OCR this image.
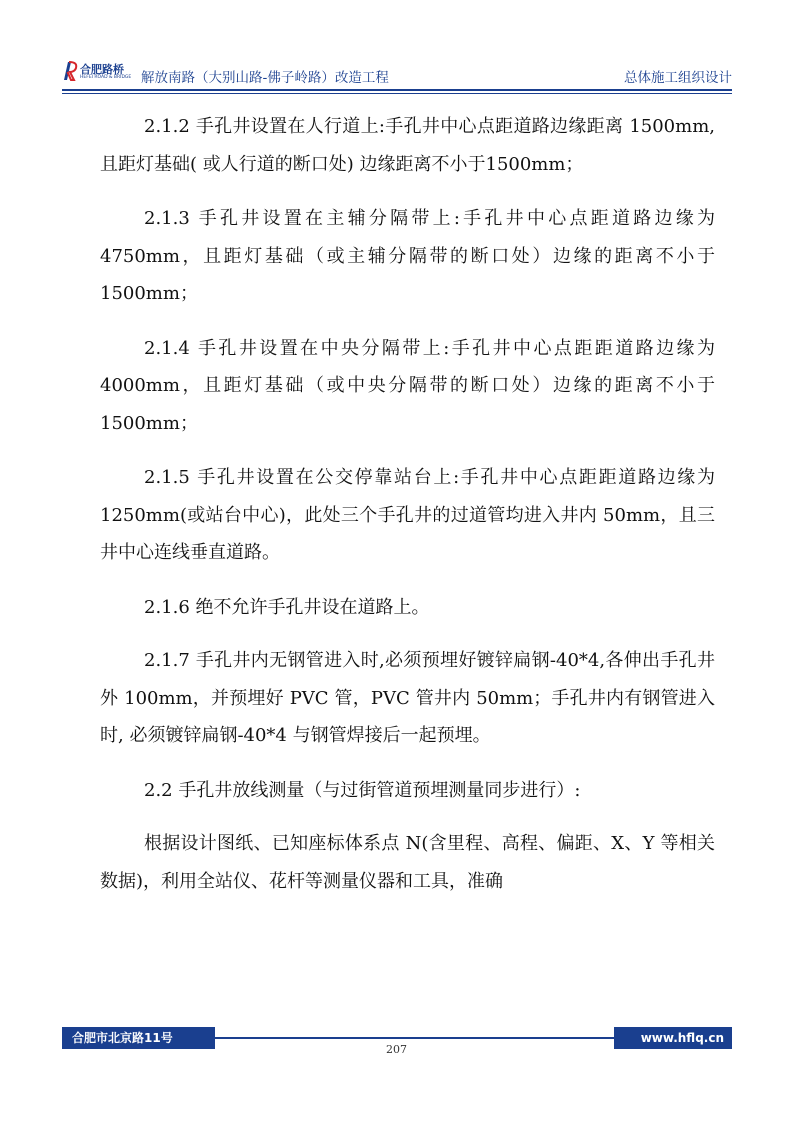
合肥路桥
HEFEI ROAD & BRIDGE 解放南路（大别山路-佛子岭路）改造工程	总体施工组织设计

2.1.2 手孔井设置在人行道上:手孔井中心点距道路边缘距离 1500mm, 且距灯基础( 或人行道的断口处) 边缘距离不小于1500mm；

2.1.3 手孔井设置在主辅分隔带上:手孔井中心点距道路边缘为 4750mm，且距灯基础（或主辅分隔带的断口处）边缘的距离不小于 1500mm；

2.1.4 手孔井设置在中央分隔带上:手孔井中心点距距道路边缘为 4000mm，且距灯基础（或中央分隔带的断口处）边缘的距离不小于 1500mm；

2.1.5 手孔井设置在公交停靠站台上:手孔井中心点距距道路边缘为 1250mm(或站台中心)，此处三个手孔井的过道管均进入井内 50mm，且三井中心连线垂直道路。

2.1.6 绝不允许手孔井设在道路上。

2.1.7 手孔井内无钢管进入时,必须预埋好镀锌扁钢-40*4,各伸出手孔井外 100mm，并预埋好 PVC 管，PVC 管井内 50mm；手孔井内有钢管进入时, 必须镀锌扁钢-40*4 与钢管焊接后一起预埋。

2.2 手孔井放线测量（与过街管道预埋测量同步进行）:

根据设计图纸、已知座标体系点 N(含里程、高程、偏距、X、Y 等相关数据)，利用全站仪、花杆等测量仪器和工具，准确

合肥市北京路11号	www.hflq.cn
207
